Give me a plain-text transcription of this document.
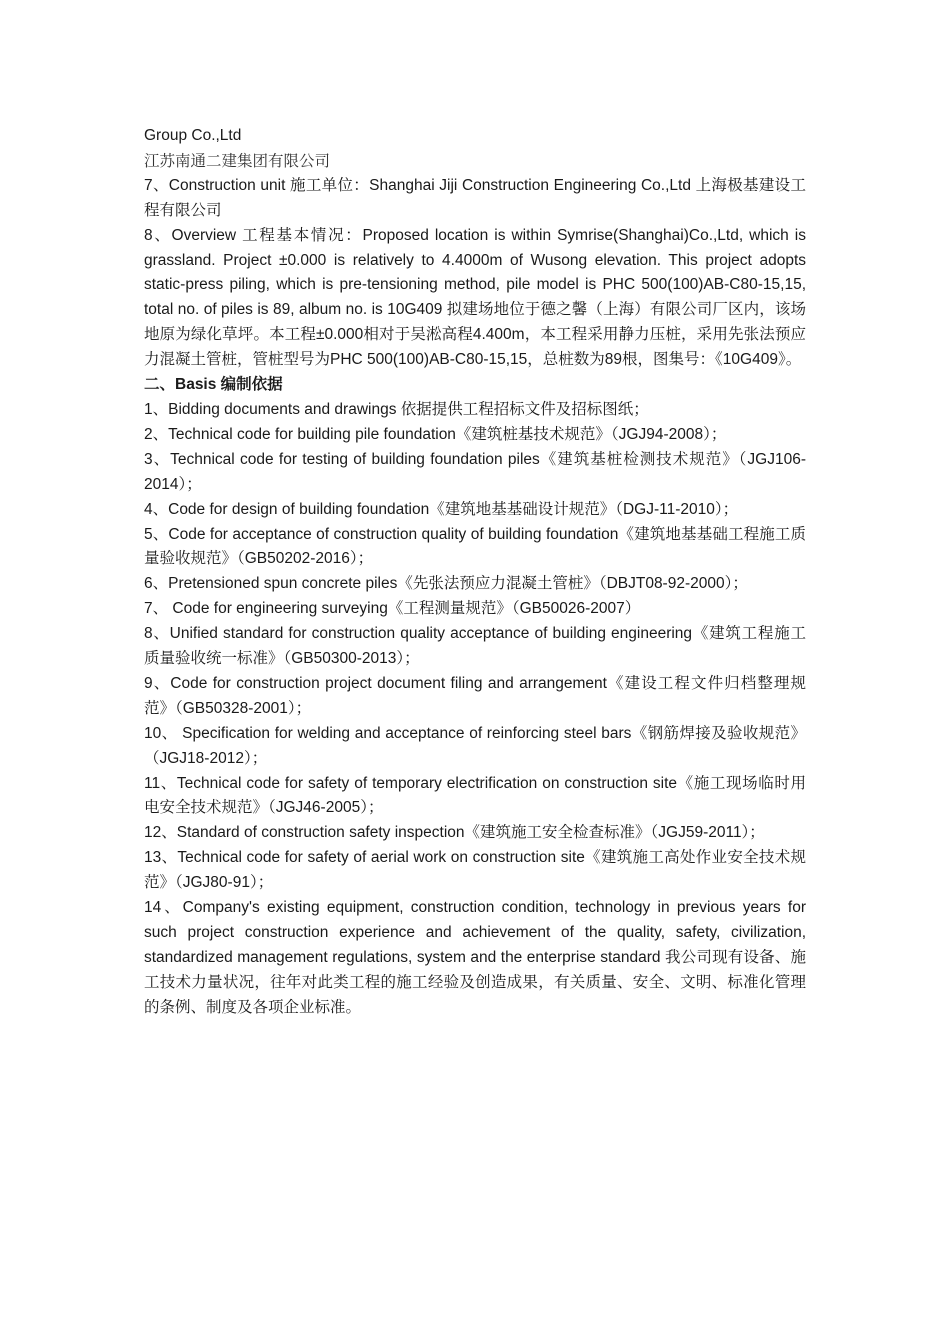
Group Co.,Ltd
江苏南通二建集团有限公司
7、Construction unit 施工单位：Shanghai Jiji Construction Engineering Co.,Ltd 上海极基建设工程有限公司
8、Overview 工程基本情况：Proposed location is within Symrise(Shanghai)Co.,Ltd, which is grassland. Project ±0.000 is relatively to 4.4000m of Wusong elevation. This project adopts static-press piling, which is pre-tensioning method, pile model is PHC 500(100)AB-C80-15,15, total no. of piles is 89, album no. is 10G409 拟建场地位于德之馨（上海）有限公司厂区内，该场地原为绿化草坪。本工程±0.000相对于吴淞高程4.400m，本工程采用静力压桩，采用先张法预应力混凝土管桩，管桩型号为PHC 500(100)AB-C80-15,15，总桩数为89根，图集号：《10G409》。
二、Basis 编制依据
1、Bidding documents and drawings 依据提供工程招标文件及招标图纸；
2、Technical code for building pile foundation《建筑桩基技术规范》（JGJ94-2008）；
3、Technical code for testing of building foundation piles《建筑基桩检测技术规范》（JGJ106-2014）；
4、Code for design of building foundation《建筑地基基础设计规范》（DGJ-11-2010）；
5、Code for acceptance of construction quality of building foundation《建筑地基基础工程施工质量验收规范》（GB50202-2016）；
6、Pretensioned spun concrete piles《先张法预应力混凝土管桩》（DBJT08-92-2000）；
7、 Code for engineering surveying《工程测量规范》（GB50026-2007）
8、Unified standard for construction quality acceptance of building engineering《建筑工程施工质量验收统一标准》（GB50300-2013）；
9、Code for construction project document filing and arrangement《建设工程文件归档整理规范》（GB50328-2001）；
10、 Specification for welding and acceptance of reinforcing steel bars《钢筋焊接及验收规范》（JGJ18-2012）；
11、Technical code for safety of temporary electrification on construction site《施工现场临时用电安全技术规范》（JGJ46-2005）；
12、Standard of construction safety inspection《建筑施工安全检查标准》（JGJ59-2011）；
13、Technical code for safety of aerial work on construction site《建筑施工高处作业安全技术规范》（JGJ80-91）；
14、Company's existing equipment, construction condition, technology in previous years for such project construction experience and achievement of the quality, safety, civilization, standardized management regulations, system and the enterprise standard 我公司现有设备、施工技术力量状况，往年对此类工程的施工经验及创造成果，有关质量、安全、文明、标准化管理的条例、制度及各项企业标准。
